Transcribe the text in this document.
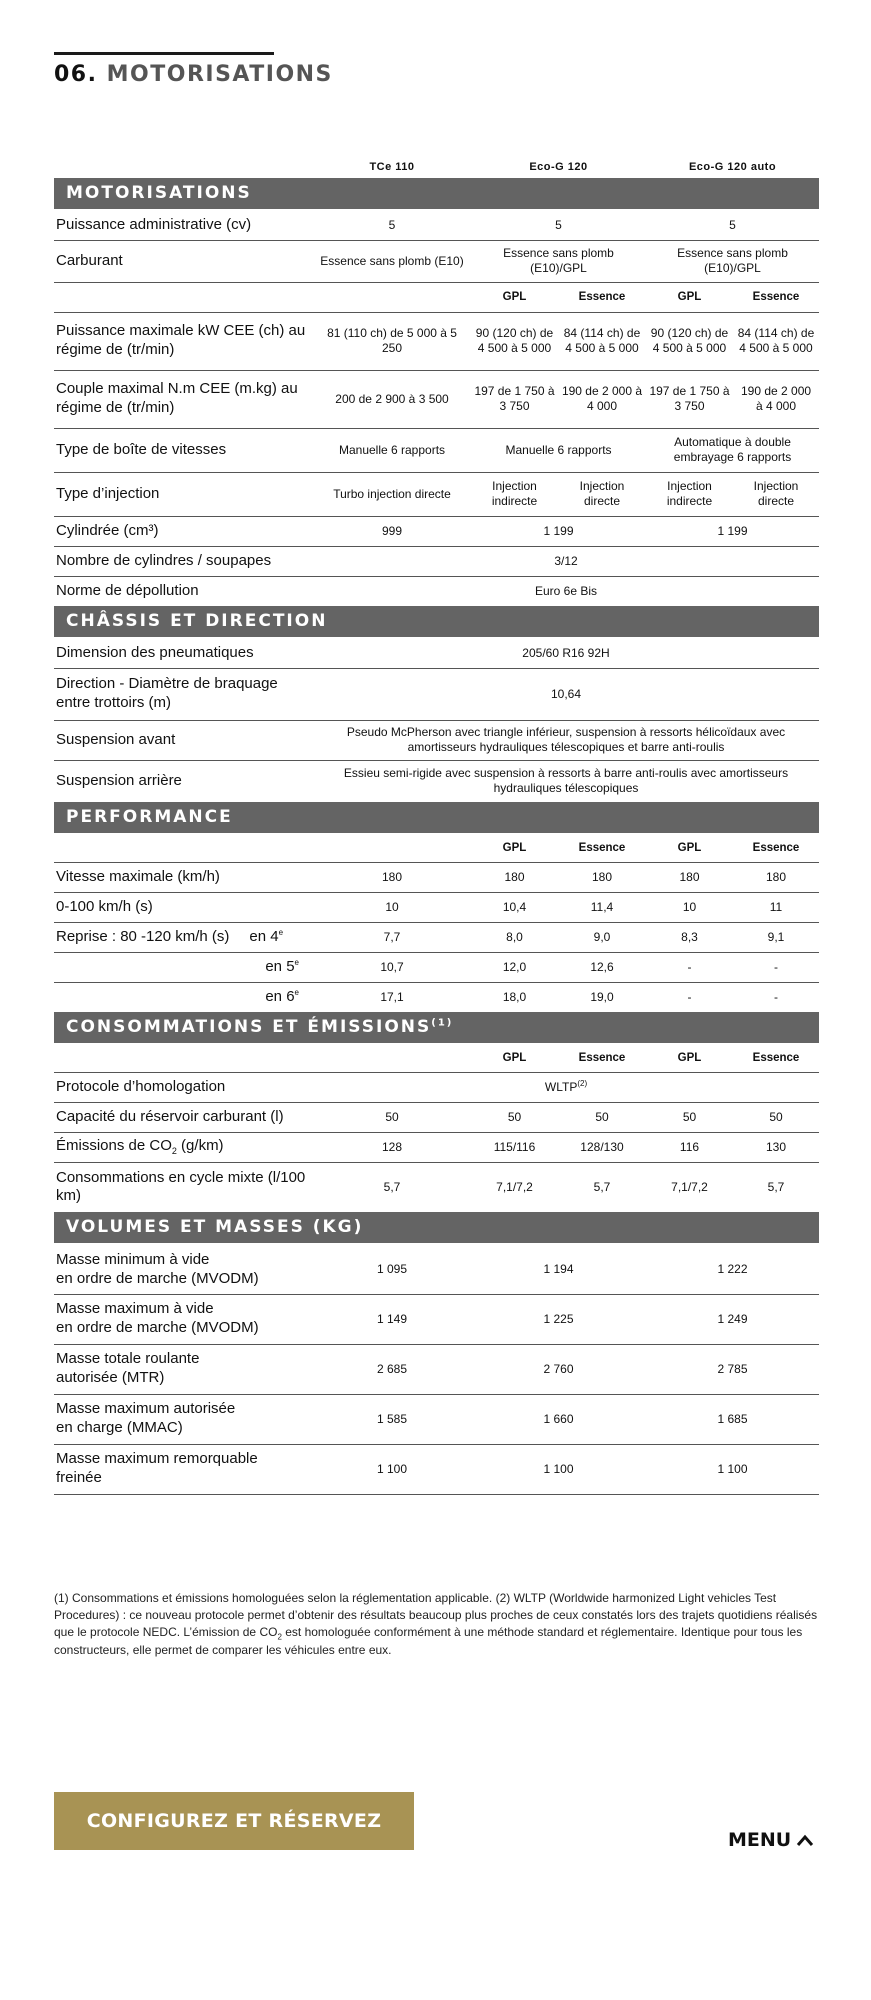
06. MOTORISATIONS
	TCe 110	Eco-G 120		Eco-G 120 auto	
MOTORISATIONS					
Puissance administrative (cv)	5	5		5	
Carburant	Essence sans plomb (E10)	Essence sans plomb (E10)/GPL		Essence sans plomb (E10)/GPL	
		GPL	Essence	GPL	Essence
Puissance maximale kW CEE (ch) au régime de (tr/min)	81 (110 ch) de 5 000 à 5 250	90 (120 ch) de 4 500 à 5 000	84 (114 ch) de 4 500 à 5 000	90 (120 ch) de 4 500 à 5 000	84 (114 ch) de 4 500 à 5 000
Couple maximal N.m CEE (m.kg) au régime de (tr/min)	200 de 2 900 à 3 500	197 de 1 750 à 3 750	190 de 2 000 à 4 000	197 de 1 750 à 3 750	190 de 2 000 à 4 000
Type de boîte de vitesses	Manuelle 6 rapports	Manuelle 6 rapports		Automatique à double embrayage 6 rapports	
Type d’injection	Turbo injection directe	Injection indirecte	Injection directe	Injection indirecte	Injection directe
Cylindrée (cm³)	999	1 199		1 199	
Nombre de cylindres / soupapes	3/12				
Norme de dépollution	Euro 6e Bis				
CHÂSSIS ET DIRECTION					
Dimension des pneumatiques	205/60 R16 92H				
Direction - Diamètre de braquage entre trottoirs (m)	10,64				
Suspension avant	Pseudo McPherson avec triangle inférieur, suspension à ressorts hélicoïdaux avec amortisseurs hydrauliques télescopiques et barre anti-roulis				
Suspension arrière	Essieu semi-rigide avec suspension à ressorts à barre anti-roulis avec amortisseurs hydrauliques télescopiques				
PERFORMANCE					
		GPL	Essence	GPL	Essence
Vitesse maximale (km/h)	180	180	180	180	180
0-100 km/h (s)	10	10,4	11,4	10	11
Reprise : 80 -120 km/h (s) en 4e	7,7	8,0	9,0	8,3	9,1
en 5e	10,7	12,0	12,6	-	-
en 6e	17,1	18,0	19,0	-	-
CONSOMMATIONS ET ÉMISSIONS$^{(1)}$
		GPL	Essence	GPL	Essence
Protocole d’homologation	WLTP$^{(2)}$
Capacité du réservoir carburant (l)	50	50	50	50	50
Émissions de $CO_2$ (g/km)	128	115/116	128/130	116	130
Consommations en cycle mixte (l/100 km)	5,7	7,1/7,2	5,7	7,1/7,2	5,7
VOLUMES ET MASSES (KG)					
Masse minimum à vide
en ordre de marche (MVODM)	1 095	1 194		1 222	
Masse maximum à vide
en ordre de marche (MVODM)	1 149	1 225		1 249	
Masse totale roulante
autorisée (MTR)	2 685	2 760		2 785	
Masse maximum autorisée
en charge (MMAC)	1 585	1 660		1 685	
Masse maximum remorquable
freinée	1 100	1 100		1 100	

(1) Consommations et émissions homologuées selon la réglementation applicable. (2) WLTP (Worldwide harmonized Light vehicles Test Procedures) : ce nouveau protocole permet d’obtenir des résultats beaucoup plus proches de ceux constatés lors des trajets quotidiens réalisés que le protocole NEDC. L’émission de $CO_2$ est homologuée conformément à une méthode standard et réglementaire. Identique pour tous les constructeurs, elle permet de comparer les véhicules entre eux.

CONFIGUREZ ET RÉSERVEZ
MENU
